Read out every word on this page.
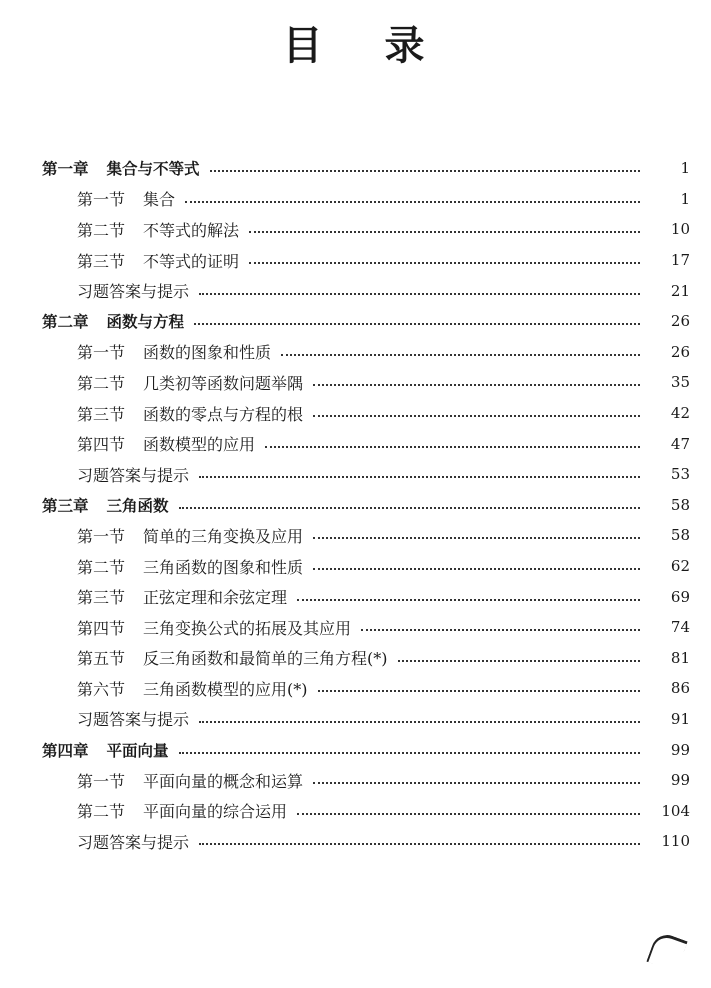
目 录
第一章 集合与不等式	1
第一节 集合	1
第二节 不等式的解法	10
第三节 不等式的证明	17
习题答案与提示	21
第二章 函数与方程	26
第一节 函数的图象和性质	26
第二节 几类初等函数问题举隅	35
第三节 函数的零点与方程的根	42
第四节 函数模型的应用	47
习题答案与提示	53
第三章 三角函数	58
第一节 简单的三角变换及应用	58
第二节 三角函数的图象和性质	62
第三节 正弦定理和余弦定理	69
第四节 三角变换公式的拓展及其应用	74
第五节 反三角函数和最简单的三角方程(*)	81
第六节 三角函数模型的应用(*)	86
习题答案与提示	91
第四章 平面向量	99
第一节 平面向量的概念和运算	99
第二节 平面向量的综合运用	104
习题答案与提示	110
